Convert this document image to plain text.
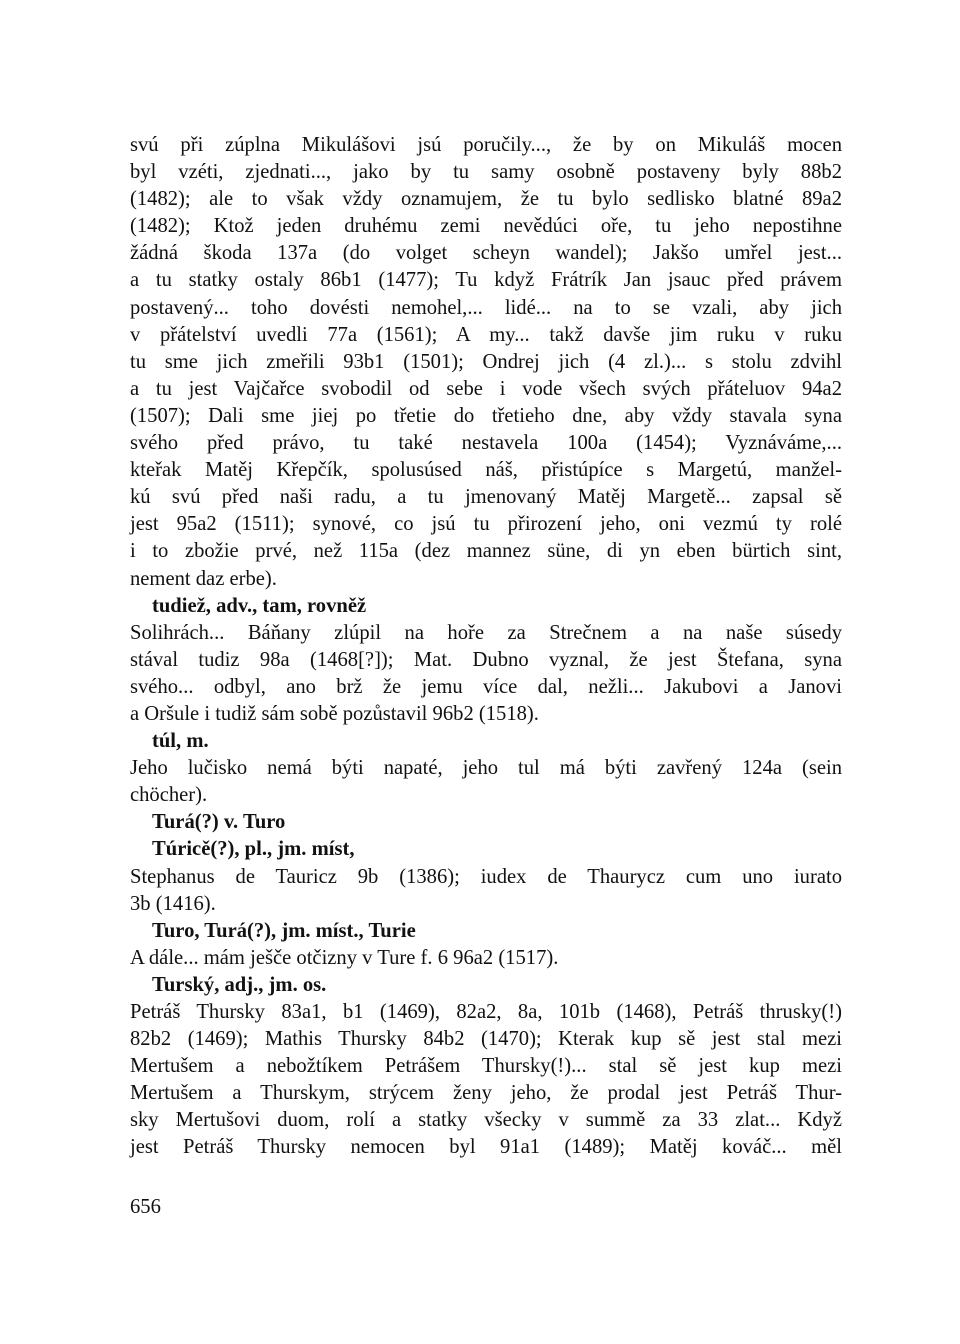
svú při zúplna Mikulášovi jsú poručily..., že by on Mikuláš mocen
byl vzéti, zjednati..., jako by tu samy osobně postaveny byly 88b2
(1482); ale to však vždy oznamujem, že tu bylo sedlisko blatné 89a2
(1482); Ktož jeden druhému zemi nevědúci oře, tu jeho nepostihne
žádná škoda 137a (do volget scheyn wandel); Jakšo umřel jest...
a tu statky ostaly 86b1 (1477); Tu když Frátrík Jan jsauc před právem
postavený... toho dovésti nemohel,... lidé... na to se vzali, aby jich
v přátelství uvedli 77a (1561); A my... takž davše jim ruku v ruku
tu sme jich zmeřili 93b1 (1501); Ondrej jich (4 zl.)... s stolu zdvihl
a tu jest Vajčařce svobodil od sebe i vode všech svých přáteluov 94a2
(1507); Dali sme jiej po třetie do třetieho dne, aby vždy stavala syna
svého před právo, tu také nestavela 100a (1454); Vyznáváme,...
kteřak Matěj Křepčík, spolusúsed náš, přistúpíce s Margetú, manžel-
kú svú před naši radu, a tu jmenovaný Matěj Margetě... zapsal sě
jest 95a2 (1511); synové, co jsú tu přirození jeho, oni vezmú ty rolé
i to zbožie prvé, než 115a (dez mannez süne, di yn eben bürtich sint,
nement daz erbe).
tudiež, adv., tam, rovněž
Solihrách... Báňany zlúpil na hoře za Strečnem a na naše súsedy
stával tudiz 98a (1468[?]); Mat. Dubno vyznal, že jest Štefana, syna
svého... odbyl, ano brž že jemu více dal, nežli... Jakubovi a Janovi
a Oršule i tudiž sám sobě pozůstavil 96b2 (1518).
túl, m.
Jeho lučisko nemá býti napaté, jeho tul má býti zavřený 124a (sein
chöcher).
Turá(?) v. Turo
Túricě(?), pl., jm. míst,
Stephanus de Tauricz 9b (1386); iudex de Thaurycz cum uno iurato
3b (1416).
Turo, Turá(?), jm. míst., Turie
A dále... mám ješče otčizny v Ture f. 6 96a2 (1517).
Turský, adj., jm. os.
Petráš Thursky 83a1, b1 (1469), 82a2, 8a, 101b (1468), Petráš thrusky(!)
82b2 (1469); Mathis Thursky 84b2 (1470); Kterak kup sě jest stal mezi
Mertušem a nebožtíkem Petrášem Thursky(!)... stal sě jest kup mezi
Mertušem a Thurskym, strýcem ženy jeho, že prodal jest Petráš Thur-
sky Mertušovi duom, rolí a statky všecky v summě za 33 zlat... Když
jest Petráš Thursky nemocen byl 91a1 (1489); Matěj kováč... měl
656
